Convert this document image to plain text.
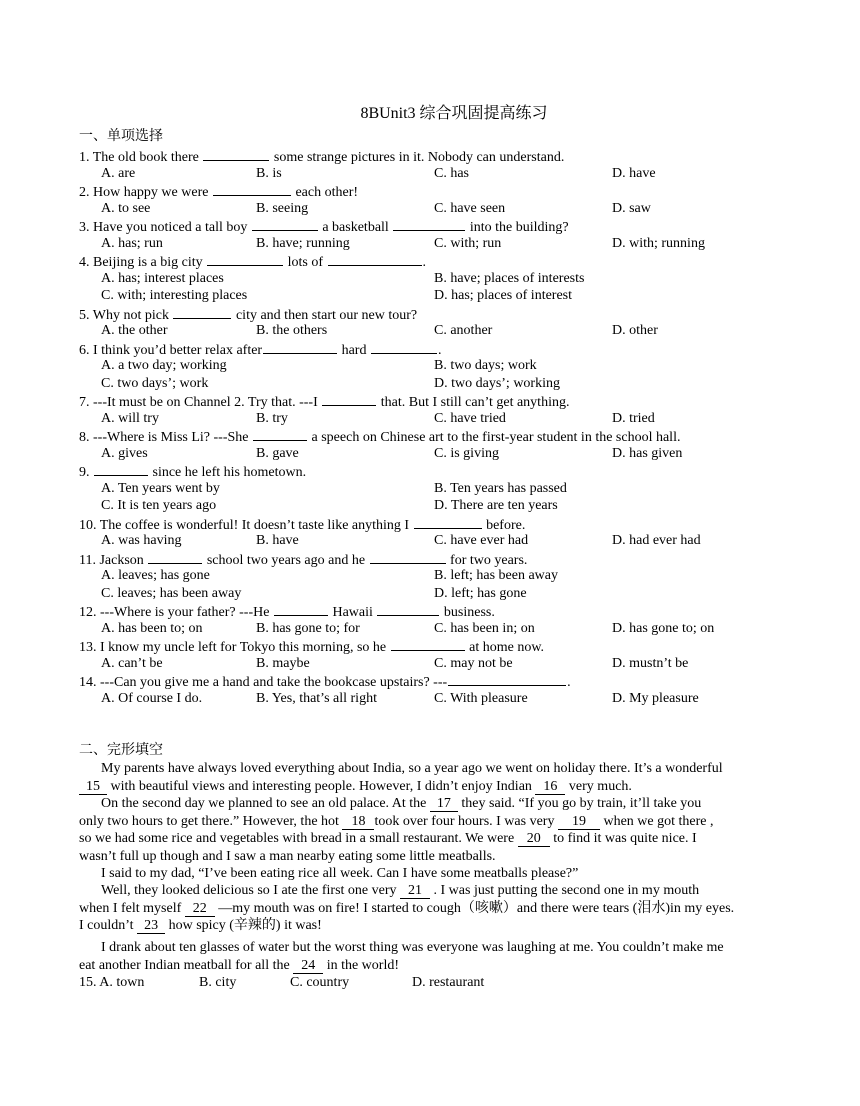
8BUnit3 综合巩固提高练习
一、单项选择
1. The old book there	some strange pictures in it. Nobody can understand.
A. are	B. is	C. has	D. have
2. How happy we were	each other!
A. to see	B. seeing	C. have seen	D. saw
3. Have you noticed a tall boy	a basketball	into the building?
A. has; run	B. have; running	C. with; run	D. with; running
4. Beijing is a big city	lots of	.
A. has; interest places	B. have; places of interests
C. with; interesting places	D. has; places of interest
5. Why not pick	city and then start our new tour?
A. the other	B. the others	C. another	D. other
6. I think you’d better relax after	hard	.
A. a two day; working	B. two days; work
C. two days’; work	D. two days’; working
7. ---It must be on Channel 2. Try that. ---I	that. But I still can’t get anything.
A. will try	B. try	C. have tried	D. tried
8. ---Where is Miss Li? ---She	a speech on Chinese art to the first-year student in the school hall.
A. gives	B. gave	C. is giving	D. has given
9.	since he left his hometown.
A. Ten years went by	B. Ten years has passed
C. It is ten years ago	D. There are ten years
10. The coffee is wonderful! It doesn’t taste like anything I	before.
A. was having	B. have	C. have ever had	D. had ever had
11. Jackson	school two years ago and he	for two years.
A. leaves; has gone	B. left; has been away
C. leaves; has been away	D. left; has gone
12. ---Where is your father? ---He	Hawaii	business.
A. has been to; on	B. has gone to; for	C. has been in; on	D. has gone to; on
13. I know my uncle left for Tokyo this morning, so he	at home now.
A. can’t be	B. maybe	C. may not be	D. mustn’t be
14. ---Can you give me a hand and take the bookcase upstairs? ---	.
A. Of course I do.	B. Yes, that’s all right	C. With pleasure	D. My pleasure
二、完形填空
My parents have always loved everything about India, so a year ago we went on holiday there. It’s a wonderful
15 with beautiful views and interesting people. However, I didn’t enjoy Indian 16 very much.
On the second day we planned to see an old palace. At the 17 they said. “If you go by train, it’ll take you
only two hours to get there.” However, the hot 18 took over four hours. I was very 19 when we got there ,
so we had some rice and vegetables with bread in a small restaurant. We were 20 to find it was quite nice. I
wasn’t full up though and I saw a man nearby eating some little meatballs.
I said to my dad, “I’ve been eating rice all week. Can I have some meatballs please?”
Well, they looked delicious so I ate the first one very 21 . I was just putting the second one in my mouth
when I felt myself 22 —my mouth was on fire! I started to cough（咳嗽）and there were tears (泪水)in my eyes.
I couldn’t 23 how spicy (辛辣的) it was!
I drank about ten glasses of water but the worst thing was everyone was laughing at me. You couldn’t make me
eat another Indian meatball for all the 24 in the world!
15. A. town	B. city	C. country	D. restaurant
